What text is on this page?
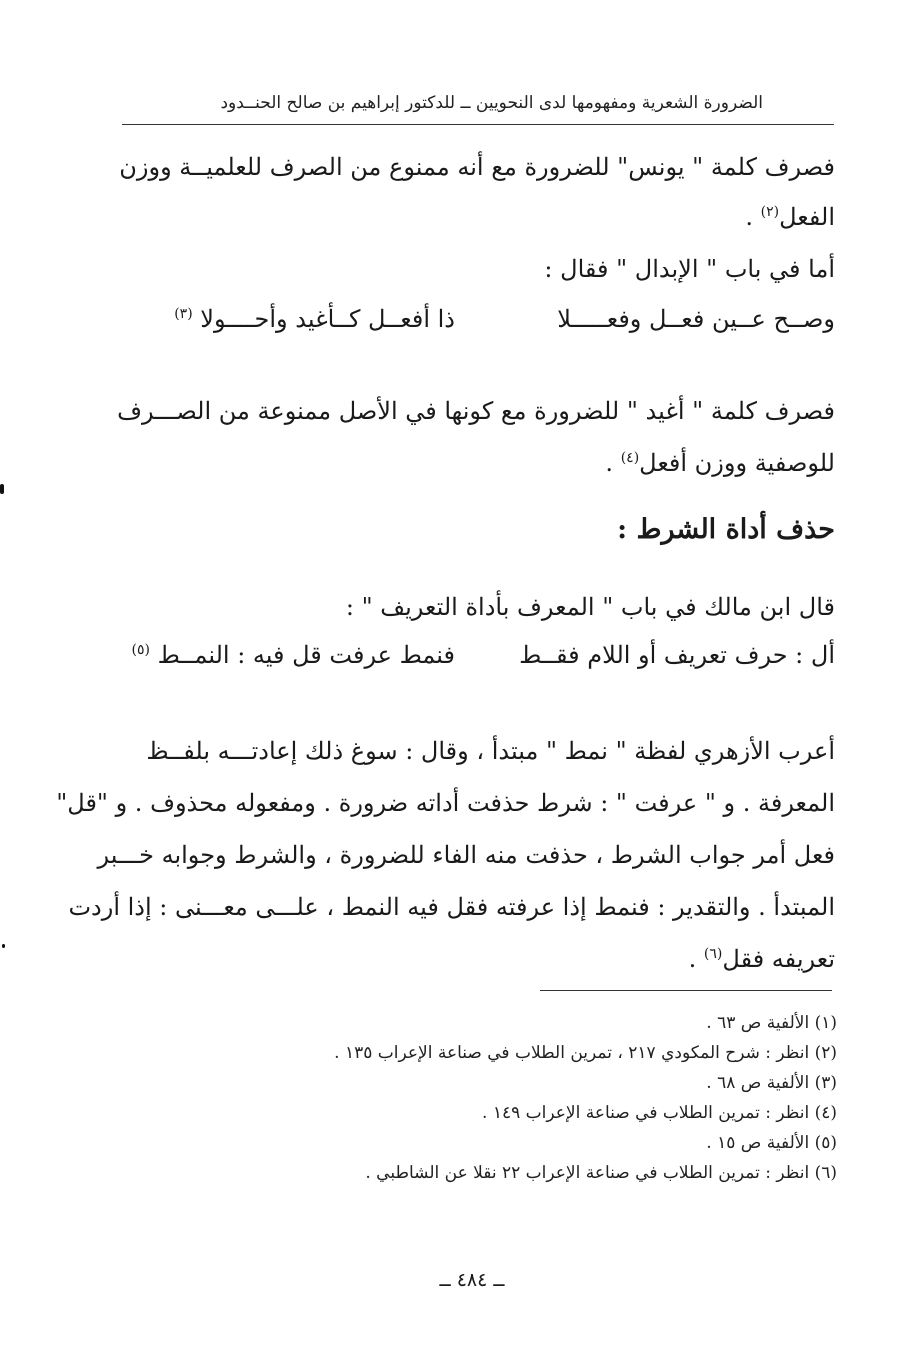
الضرورة الشعرية ومفهومها لدى النحويين ــ للدكتور إبراهيم بن صالح الحنــدود
فصرف كلمة " يونس" للضرورة مع أنه ممنوع من الصرف للعلميــة ووزن
الفعل$^{(٢)}$ .
أما في باب " الإبدال " فقال :
وصــح عــين فعــل وفعـــــلا
ذا أفعــل كــأغيد وأحــــولا $^{(٣)}$
فصرف كلمة " أغيد " للضرورة مع كونها في الأصل ممنوعة من الصـــرف
للوصفية ووزن أفعل$^{(٤)}$ .
حذف أداة الشرط :
قال ابن مالك في باب " المعرف بأداة التعريف " :
أل : حرف تعريف أو اللام فقــط
فنمط عرفت قل فيه : النمــط $^{(٥)}$
أعرب الأزهري لفظة " نمط " مبتدأ ، وقال : سوغ ذلك إعادتـــه بلفــظ
المعرفة . و " عرفت " : شرط حذفت أداته ضرورة . ومفعوله محذوف . و "قل"
فعل أمر جواب الشرط ، حذفت منه الفاء للضرورة ، والشرط وجوابه خـــبر
المبتدأ . والتقدير : فنمط إذا عرفته فقل فيه النمط ، علـــى معـــنى : إذا أردت
تعريفه فقل$^{(٦)}$ .
(١) الألفية ص ٦٣ .
(٢) انظر : شرح المكودي ٢١٧ ، تمرين الطلاب في صناعة الإعراب ١٣٥ .
(٣) الألفية ص ٦٨ .
(٤) انظر : تمرين الطلاب في صناعة الإعراب ١٤٩ .
(٥) الألفية ص ١٥ .
(٦) انظر : تمرين الطلاب في صناعة الإعراب ٢٢ نقلا عن الشاطبي .
ــ ٤٨٤ ــ
